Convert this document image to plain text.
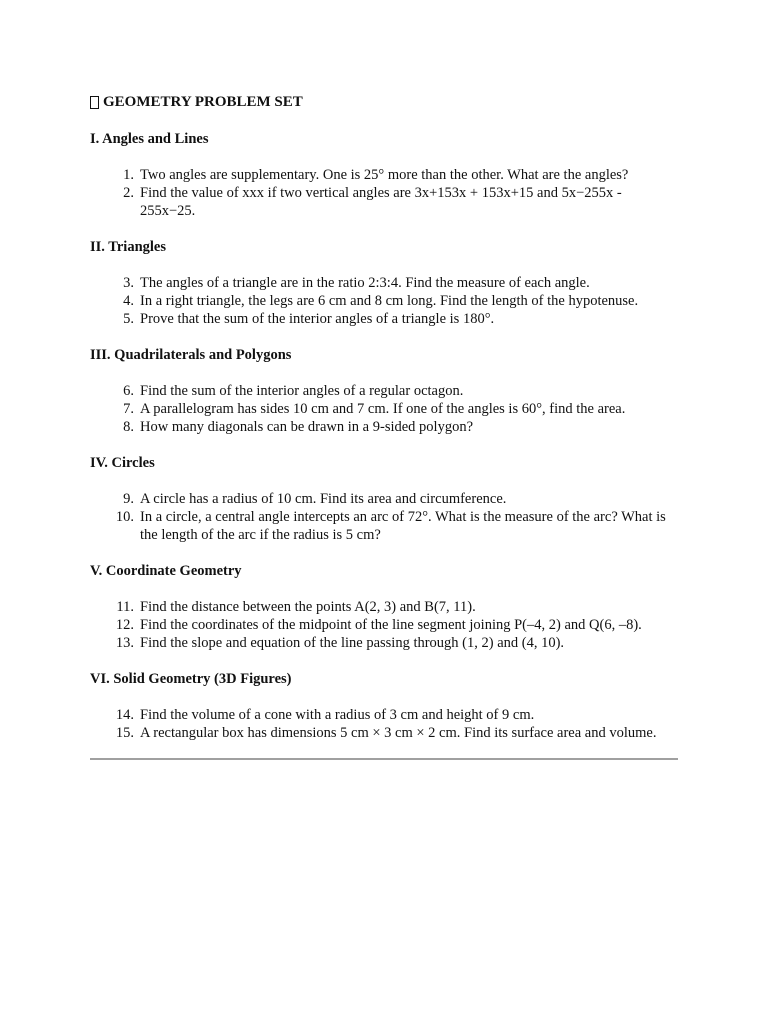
GEOMETRY PROBLEM SET
I. Angles and Lines
1 . Two angles are supplementary. One is 25° more than the other. What are the angles?
2 . Find the value of xxx if two vertical angles are 3x+153x + 153x+15 and 5x−255x - 255x−25.
II. Triangles
3 . The angles of a triangle are in the ratio 2:3:4. Find the measure of each angle.
4 . In a right triangle, the legs are 6 cm and 8 cm long. Find the length of the hypotenuse.
5 . Prove that the sum of the interior angles of a triangle is 180°.
III. Quadrilaterals and Polygons
6 . Find the sum of the interior angles of a regular octagon.
7 . A parallelogram has sides 10 cm and 7 cm. If one of the angles is 60°, find the area.
8 . How many diagonals can be drawn in a 9-sided polygon?
IV. Circles
9 . A circle has a radius of 10 cm. Find its area and circumference.
10 . In a circle, a central angle intercepts an arc of 72°. What is the measure of the arc? What is the length of the arc if the radius is 5 cm?
V. Coordinate Geometry
11 . Find the distance between the points A(2, 3) and B(7, 11).
12 . Find the coordinates of the midpoint of the line segment joining P(–4, 2) and Q(6, –8).
13 . Find the slope and equation of the line passing through (1, 2) and (4, 10).
VI. Solid Geometry (3D Figures)
14 . Find the volume of a cone with a radius of 3 cm and height of 9 cm.
15 . A rectangular box has dimensions 5 cm × 3 cm × 2 cm. Find its surface area and volume.
